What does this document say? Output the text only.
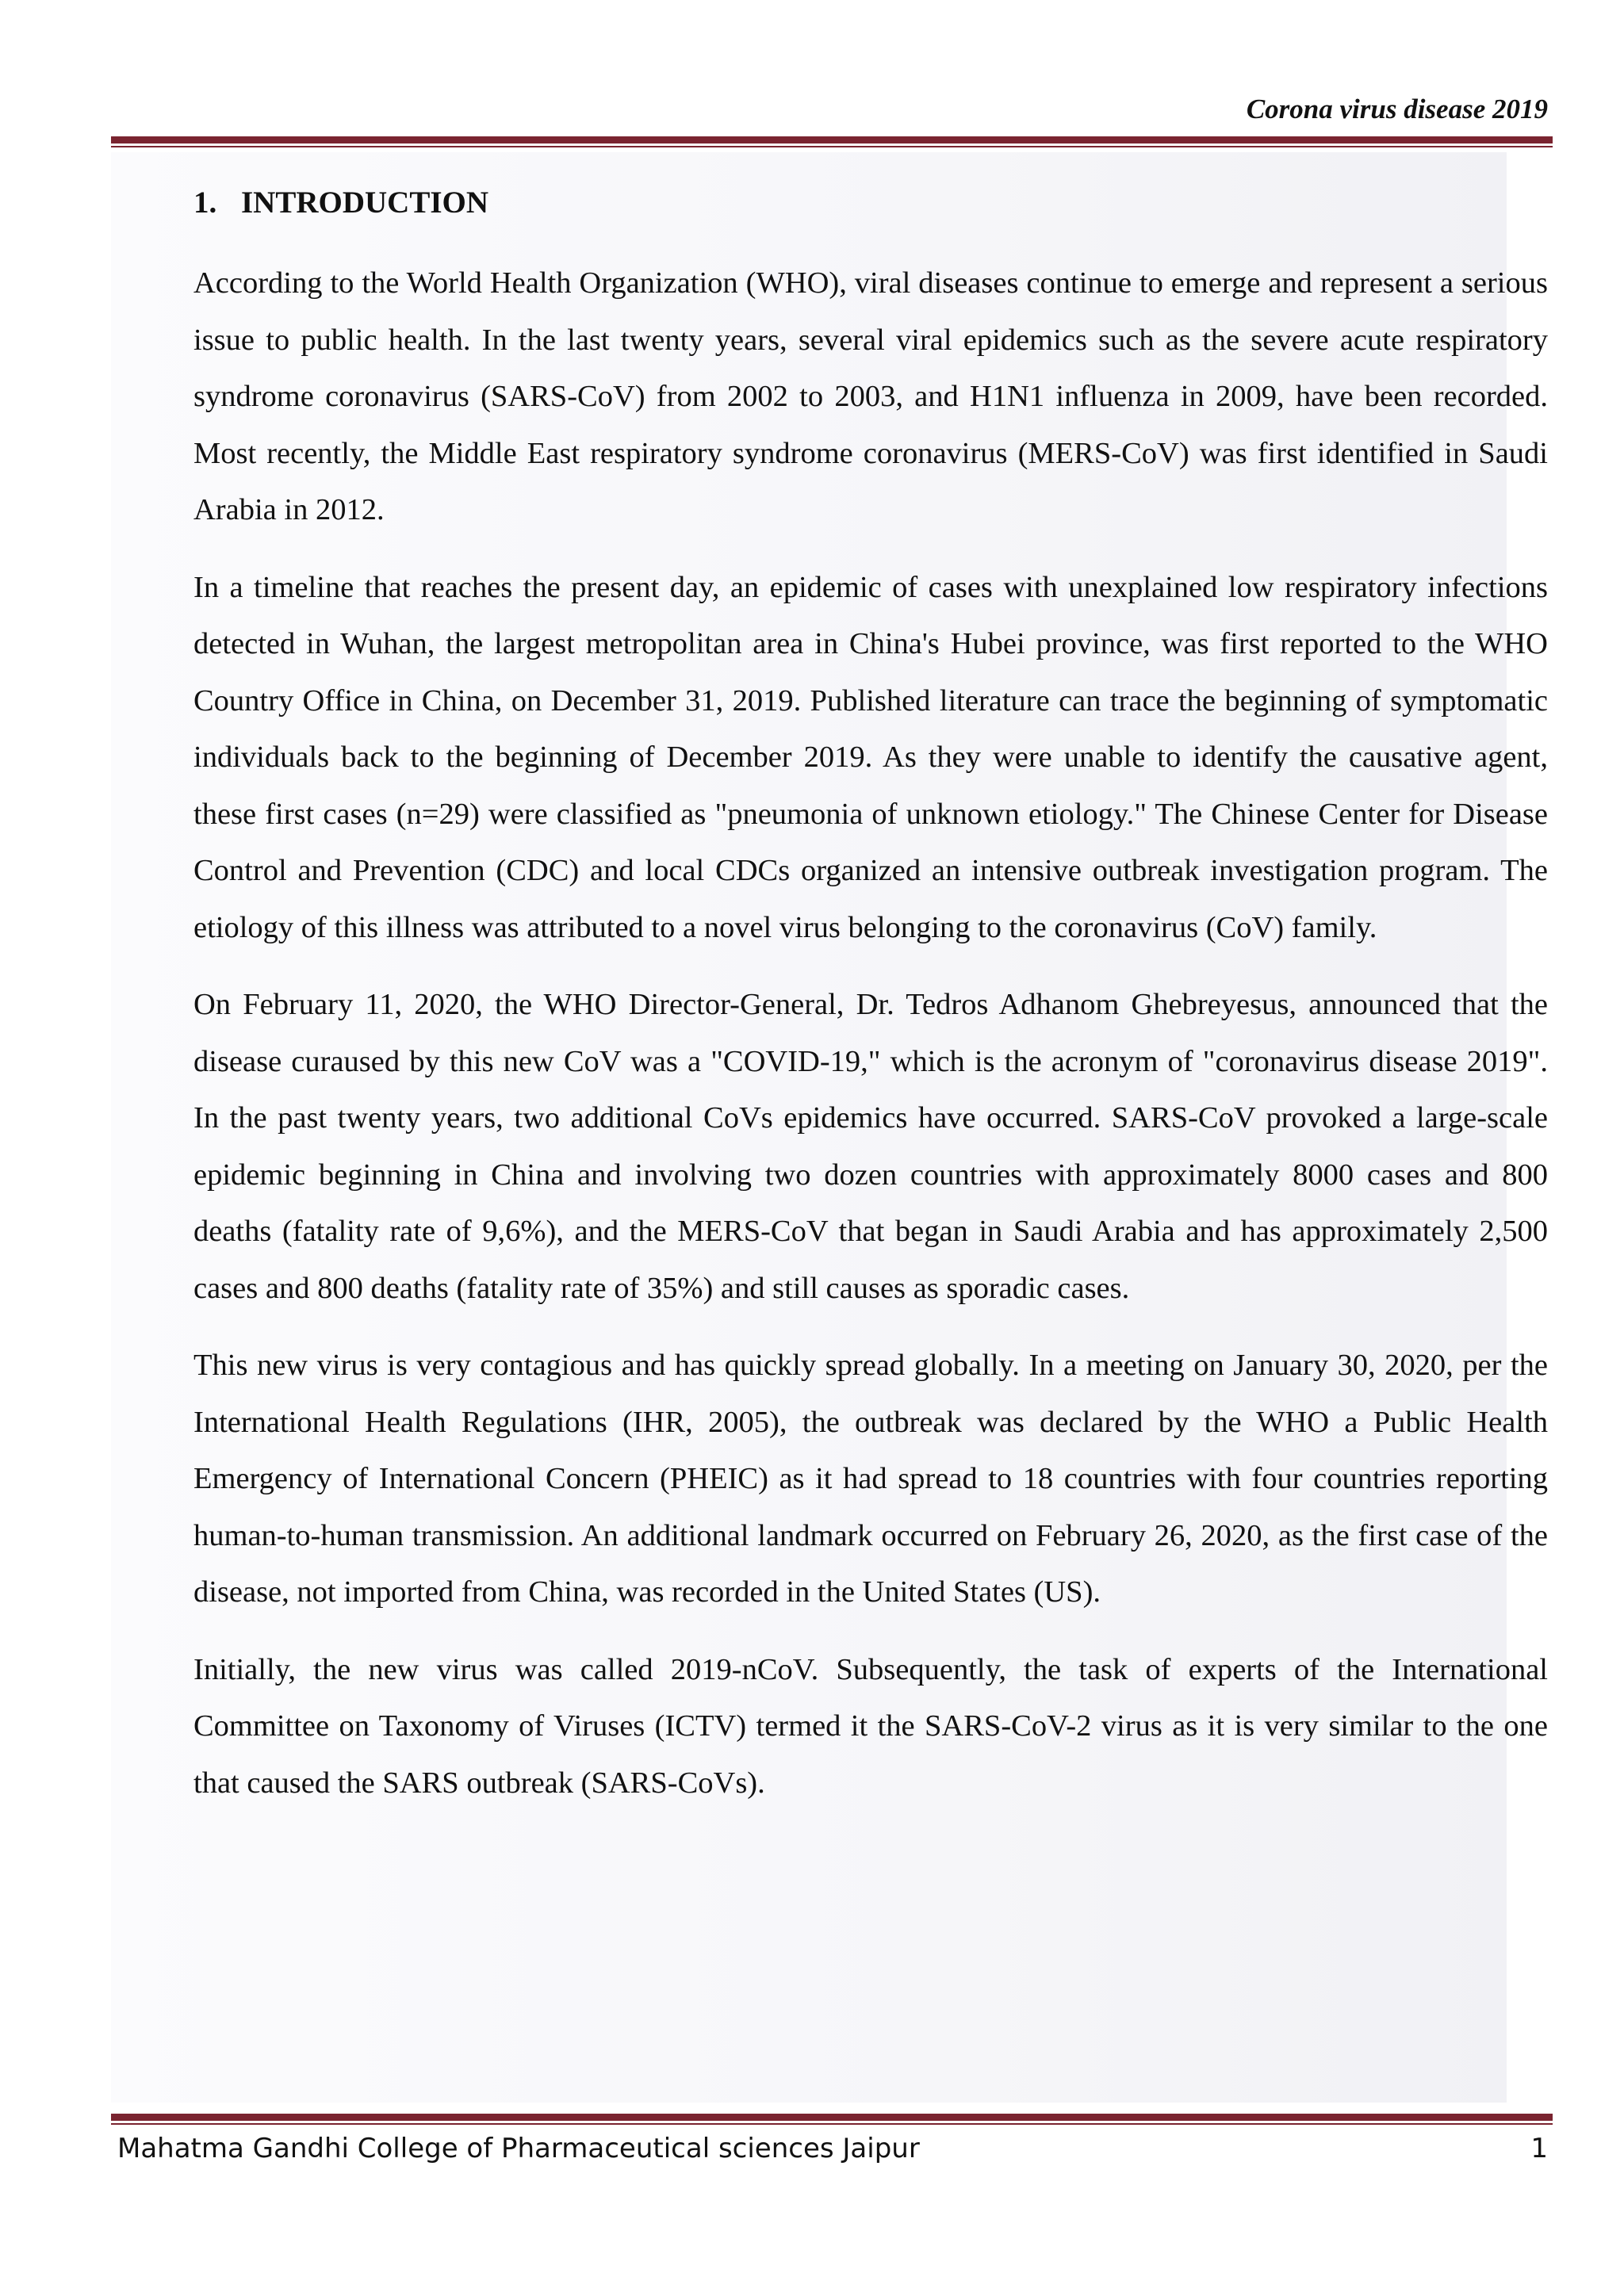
Corona virus disease 2019
1. INTRODUCTION

According to the World Health Organization (WHO), viral diseases continue to emerge and represent a serious issue to public health. In the last twenty years, several viral epidemics such as the severe acute respiratory syndrome coronavirus (SARS-CoV) from 2002 to 2003, and H1N1 influenza in 2009, have been recorded. Most recently, the Middle East respiratory syndrome coronavirus (MERS-CoV) was first identified in Saudi Arabia in 2012.

In a timeline that reaches the present day, an epidemic of cases with unexplained low respiratory infections detected in Wuhan, the largest metropolitan area in China's Hubei province, was first reported to the WHO Country Office in China, on December 31, 2019. Published literature can trace the beginning of symptomatic individuals back to the beginning of December 2019. As they were unable to identify the causative agent, these first cases (n=29) were classified as "pneumonia of unknown etiology." The Chinese Center for Disease Control and Prevention (CDC) and local CDCs organized an intensive outbreak investigation program. The etiology of this illness was attributed to a novel virus belonging to the coronavirus (CoV) family.

On February 11, 2020, the WHO Director-General, Dr. Tedros Adhanom Ghebreyesus, announced that the disease curaused by this new CoV was a "COVID-19," which is the acronym of "coronavirus disease 2019". In the past twenty years, two additional CoVs epidemics have occurred. SARS-CoV provoked a large-scale epidemic beginning in China and involving two dozen countries with approximately 8000 cases and 800 deaths (fatality rate of 9,6%), and the MERS-CoV that began in Saudi Arabia and has approximately 2,500 cases and 800 deaths (fatality rate of 35%) and still causes as sporadic cases.

This new virus is very contagious and has quickly spread globally. In a meeting on January 30, 2020, per the International Health Regulations (IHR, 2005), the outbreak was declared by the WHO a Public Health Emergency of International Concern (PHEIC) as it had spread to 18 countries with four countries reporting human-to-human transmission. An additional landmark occurred on February 26, 2020, as the first case of the disease, not imported from China, was recorded in the United States (US).

Initially, the new virus was called 2019-nCoV. Subsequently, the task of experts of the International Committee on Taxonomy of Viruses (ICTV) termed it the SARS-CoV-2 virus as it is very similar to the one that caused the SARS outbreak (SARS-CoVs).

Mahatma Gandhi College of Pharmaceutical sciences Jaipur	1
